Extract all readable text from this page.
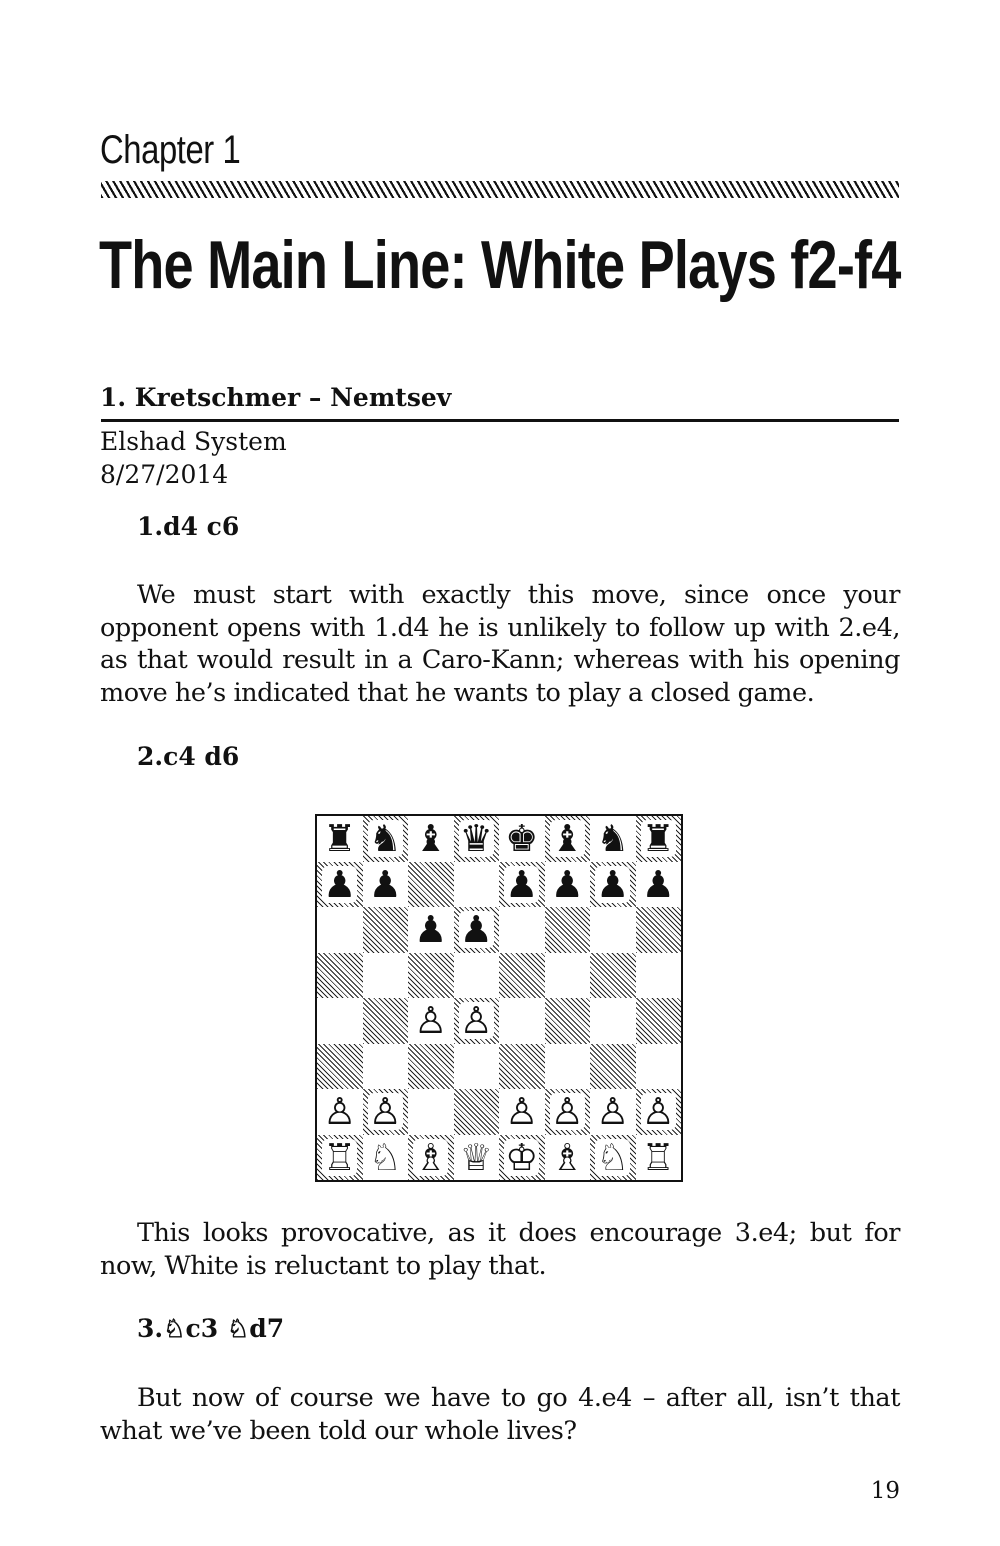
Chapter 1
The Main Line: White Plays f2-f4
1. Kretschmer – Nemtsev
Elshad System
8/27/2014
1.d4 c6
We must start with exactly this move, since once your opponent opens with 1.d4 he is unlikely to follow up with 2.e4, as that would result in a Caro-Kann; whereas with his opening move he’s indicated that he wants to play a closed game.
2.c4 d6
♜ ♞ ♝ ♛ ♚ ♝ ♞ ♜
♟ ♟	♟ ♟ ♟ ♟
♟ ♟
♙ ♙
♙ ♙	♙ ♙ ♙ ♙
♖ ♘ ♗ ♕ ♔ ♗ ♘ ♖
This looks provocative, as it does encourage 3.e4; but for now, White is reluctant to play that.
3.♘c3 ♘d7
But now of course we have to go 4.e4 – after all, isn’t that what we’ve been told our whole lives?
19
